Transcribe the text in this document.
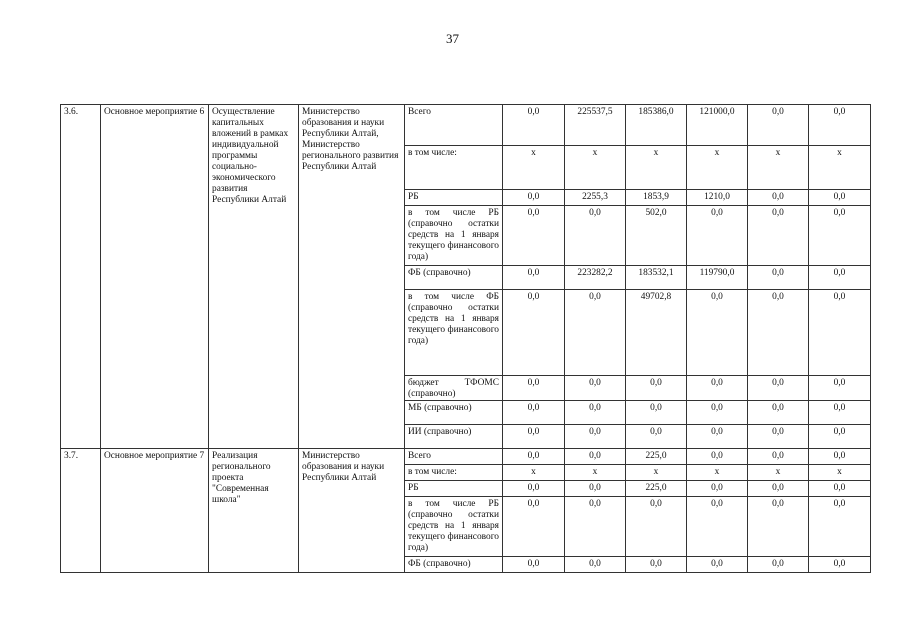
37
3.6.	Основное мероприятие 6	Осуществление капитальных вложений в рамках индивидуальной программы социально-экономического развития Республики Алтай	Министерство образования и науки Республики Алтай, Министерство регионального развития Республики Алтай	Всего	0,0	225537,5	185386,0	121000,0	0,0	0,0
				в том числе:	x	x	x	x	x	x
				РБ	0,0	2255,3	1853,9	1210,0	0,0	0,0
				в том числе РБ (справочно остатки средств на 1 января текущего финансового года)	0,0	0,0	502,0	0,0	0,0	0,0
				ФБ (справочно)	0,0	223282,2	183532,1	119790,0	0,0	0,0
				в том числе ФБ (справочно остатки средств на 1 января текущего финансового года)	0,0	0,0	49702,8	0,0	0,0	0,0
				бюджет ТФОМС (справочно)	0,0	0,0	0,0	0,0	0,0	0,0
				МБ (справочно)	0,0	0,0	0,0	0,0	0,0	0,0
				ИИ (справочно)	0,0	0,0	0,0	0,0	0,0	0,0
3.7.	Основное мероприятие 7	Реализация регионального проекта "Современная школа"	Министерство образования и науки Республики Алтай	Всего	0,0	0,0	225,0	0,0	0,0	0,0
				в том числе:	x	x	x	x	x	x
				РБ	0,0	0,0	225,0	0,0	0,0	0,0
				в том числе РБ (справочно остатки средств на 1 января текущего финансового года)	0,0	0,0	0,0	0,0	0,0	0,0
				ФБ (справочно)	0,0	0,0	0,0	0,0	0,0	0,0
